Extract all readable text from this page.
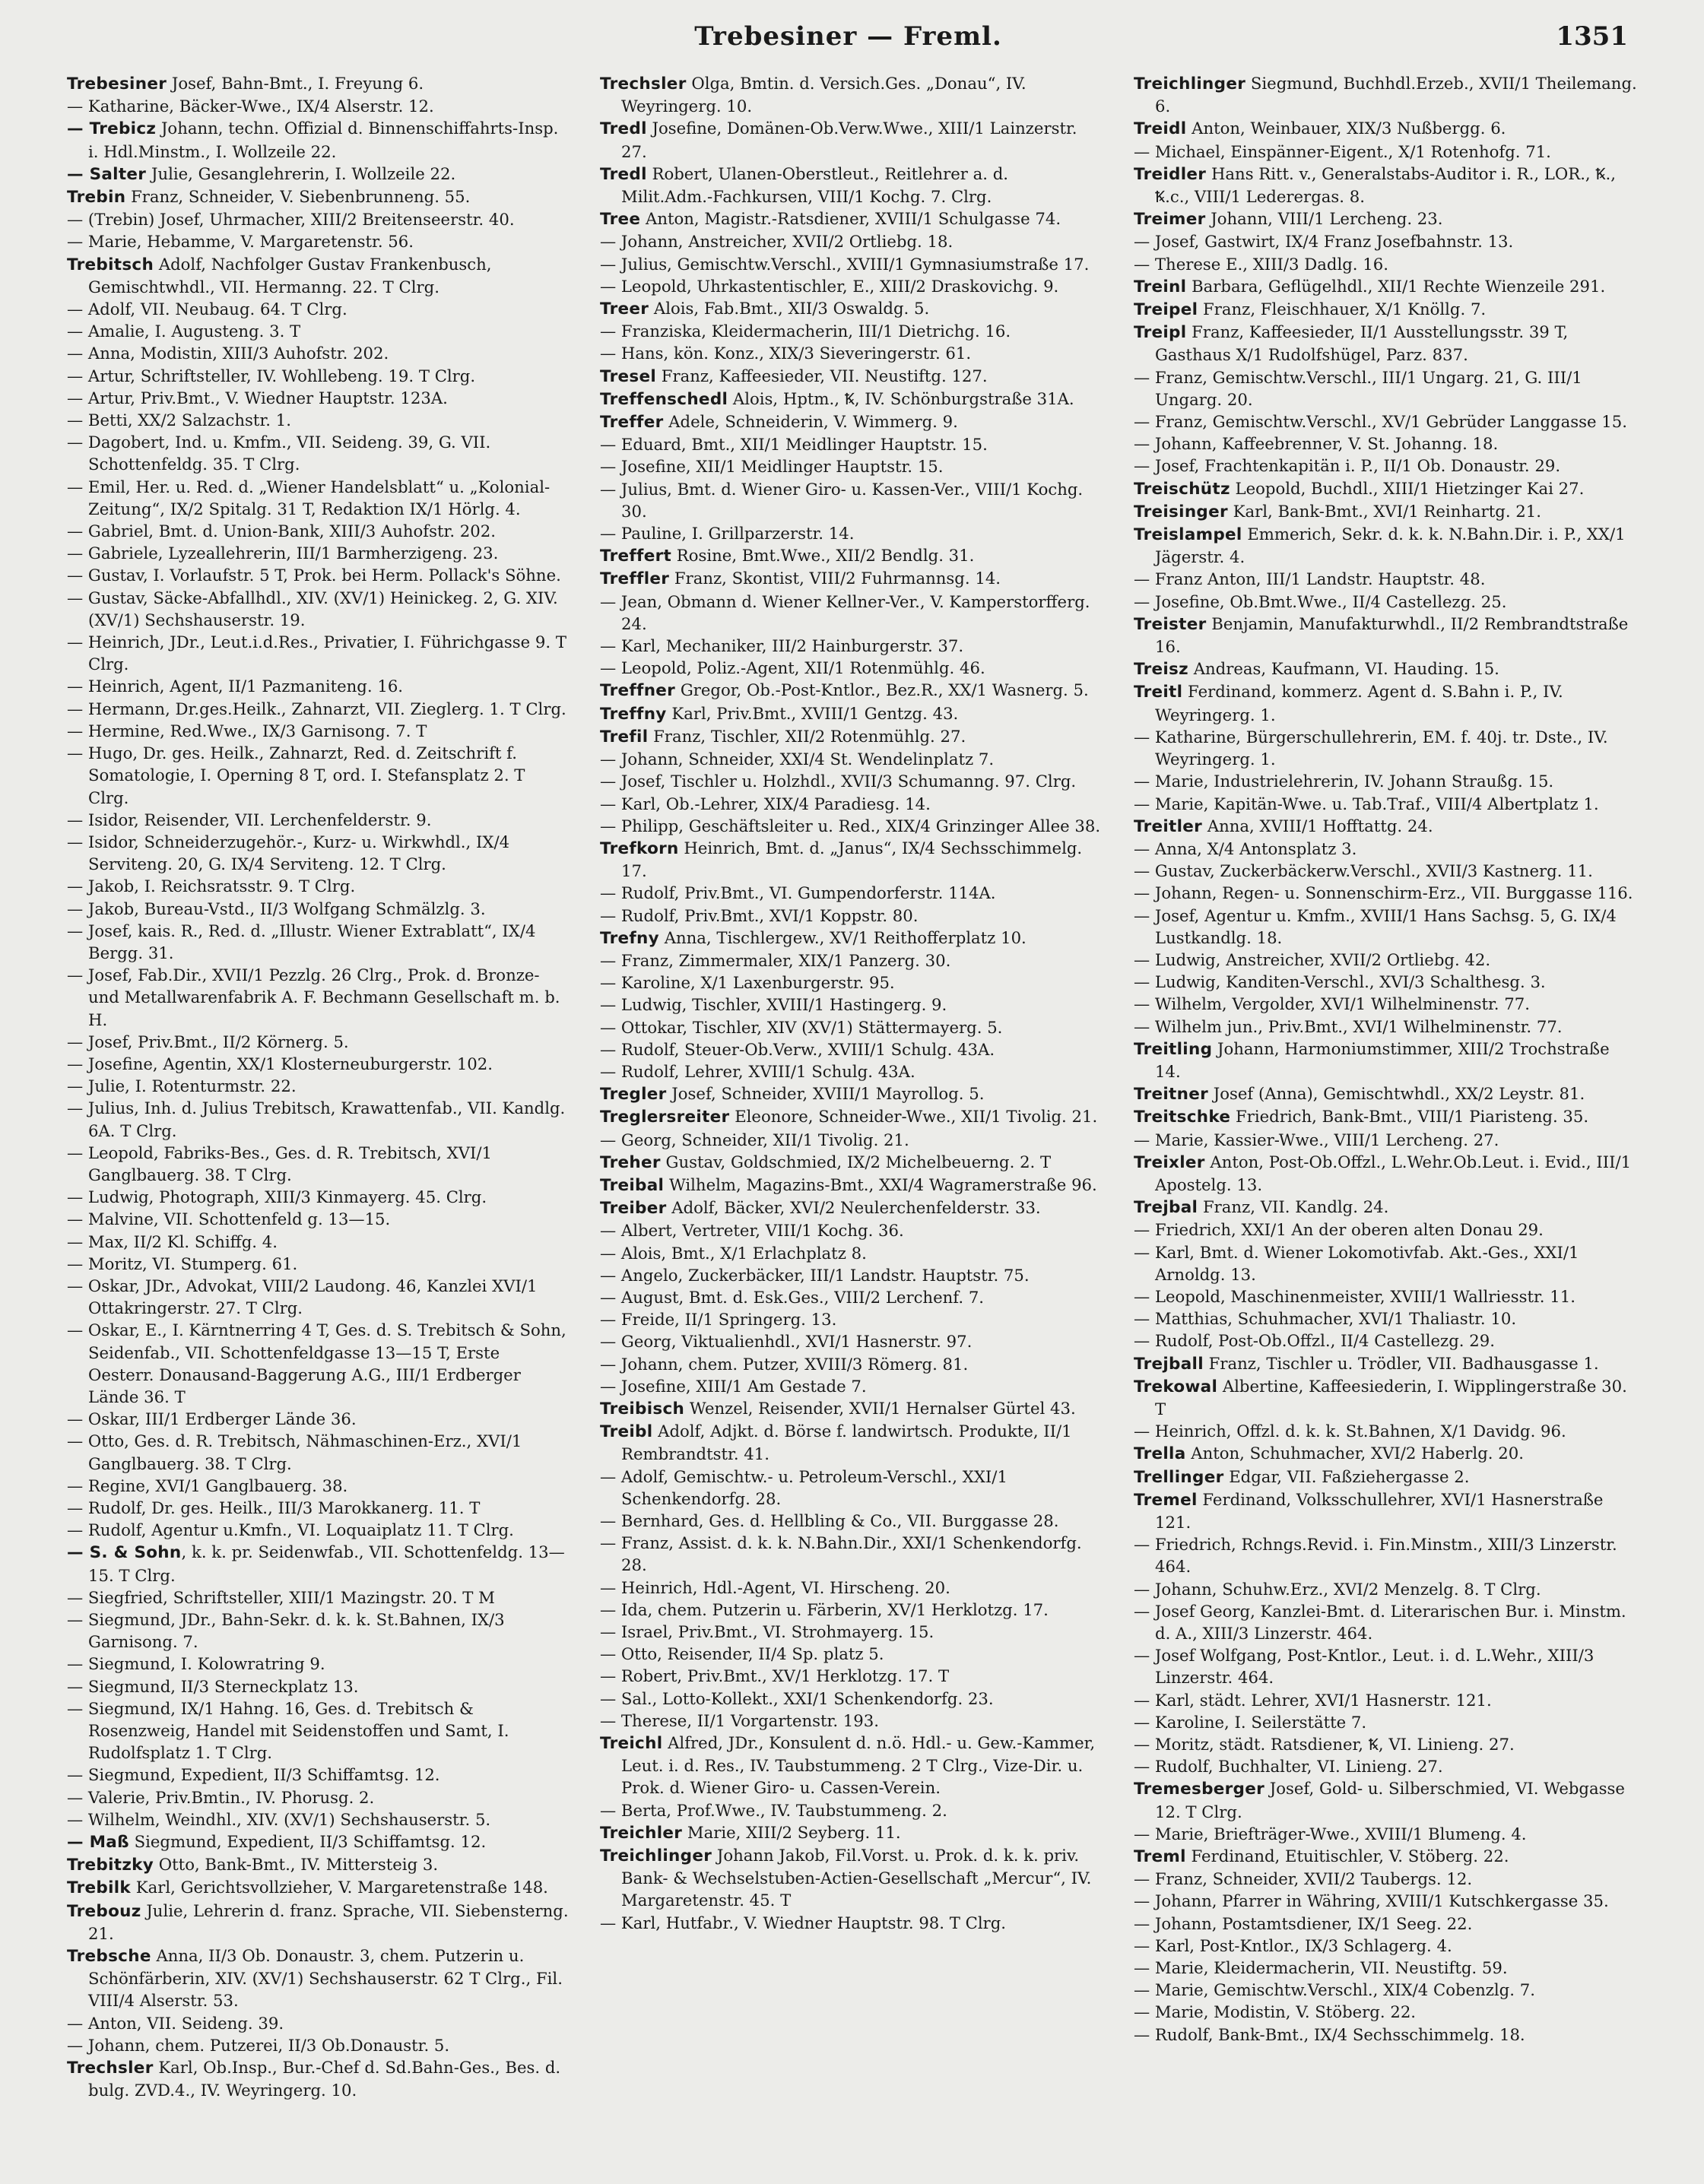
Trebesiner — Freml.	1351
Trebesiner Josef, Bahn-Bmt., I. Freyung 6.
— Katharine, Bäcker-Wwe., IX/4 Alserstr. 12.
— Trebicz Johann, techn. Offizial d. Binnenschiffahrts-Insp. i. Hdl.Minstm., I. Wollzeile 22.
— Salter Julie, Gesanglehrerin, I. Wollzeile 22.
Trebin Franz, Schneider, V. Siebenbrunneng. 55.
— (Trebin) Josef, Uhrmacher, XIII/2 Breitenseerstr. 40.
— Marie, Hebamme, V. Margaretenstr. 56.
Trebitsch Adolf, Nachfolger Gustav Frankenbusch, Gemischtwhdl., VII. Hermanng. 22. T Clrg.
— Adolf, VII. Neubaug. 64. T Clrg.
— Amalie, I. Augusteng. 3. T
— Anna, Modistin, XIII/3 Auhofstr. 202.
— Artur, Schriftsteller, IV. Wohllebeng. 19. T Clrg.
— Artur, Priv.Bmt., V. Wiedner Hauptstr. 123A.
— Betti, XX/2 Salzachstr. 1.
— Dagobert, Ind. u. Kmfm., VII. Seideng. 39, G. VII. Schottenfeldg. 35. T Clrg.
— Emil, Her. u. Red. d. „Wiener Handelsblatt“ u. „Kolonial-Zeitung“, IX/2 Spitalg. 31 T, Redaktion IX/1 Hörlg. 4.
— Gabriel, Bmt. d. Union-Bank, XIII/3 Auhofstr. 202.
— Gabriele, Lyzeallehrerin, III/1 Barmherzigeng. 23.
— Gustav, I. Vorlaufstr. 5 T, Prok. bei Herm. Pollack's Söhne.
— Gustav, Säcke-Abfallhdl., XIV. (XV/1) Heinickeg. 2, G. XIV. (XV/1) Sechshauserstr. 19.
— Heinrich, JDr., Leut.i.d.Res., Privatier, I. Führichgasse 9. T Clrg.
— Heinrich, Agent, II/1 Pazmaniteng. 16.
— Hermann, Dr.ges.Heilk., Zahnarzt, VII. Zieglerg. 1. T Clrg.
— Hermine, Red.Wwe., IX/3 Garnisong. 7. T
— Hugo, Dr. ges. Heilk., Zahnarzt, Red. d. Zeitschrift f. Somatologie, I. Operning 8 T, ord. I. Stefansplatz 2. T Clrg.
— Isidor, Reisender, VII. Lerchenfelderstr. 9.
— Isidor, Schneiderzugehör.-, Kurz- u. Wirkwhdl., IX/4 Serviteng. 20, G. IX/4 Serviteng. 12. T Clrg.
— Jakob, I. Reichsratsstr. 9. T Clrg.
— Jakob, Bureau-Vstd., II/3 Wolfgang Schmälzlg. 3.
— Josef, kais. R., Red. d. „Illustr. Wiener Extrablatt“, IX/4 Bergg. 31.
— Josef, Fab.Dir., XVII/1 Pezzlg. 26 Clrg., Prok. d. Bronze- und Metallwarenfabrik A. F. Bechmann Gesellschaft m. b. H.
— Josef, Priv.Bmt., II/2 Körnerg. 5.
— Josefine, Agentin, XX/1 Klosterneuburgerstr. 102.
— Julie, I. Rotenturmstr. 22.
— Julius, Inh. d. Julius Trebitsch, Krawattenfab., VII. Kandlg. 6A. T Clrg.
— Leopold, Fabriks-Bes., Ges. d. R. Trebitsch, XVI/1 Ganglbauerg. 38. T Clrg.
— Ludwig, Photograph, XIII/3 Kinmayerg. 45. Clrg.
— Malvine, VII. Schottenfeld g. 13—15.
— Max, II/2 Kl. Schiffg. 4.
— Moritz, VI. Stumperg. 61.
— Oskar, JDr., Advokat, VIII/2 Laudong. 46, Kanzlei XVI/1 Ottakringerstr. 27. T Clrg.
— Oskar, E., I. Kärntnerring 4 T, Ges. d. S. Trebitsch & Sohn, Seidenfab., VII. Schottenfeldgasse 13—15 T, Erste Oesterr. Donausand-Baggerung A.G., III/1 Erdberger Lände 36. T
— Oskar, III/1 Erdberger Lände 36.
— Otto, Ges. d. R. Trebitsch, Nähmaschinen-Erz., XVI/1 Ganglbauerg. 38. T Clrg.
— Regine, XVI/1 Ganglbauerg. 38.
— Rudolf, Dr. ges. Heilk., III/3 Marokkanerg. 11. T
— Rudolf, Agentur u.Kmfn., VI. Loquaiplatz 11. T Clrg.
— S. & Sohn, k. k. pr. Seidenwfab., VII. Schottenfeldg. 13—15. T Clrg.
— Siegfried, Schriftsteller, XIII/1 Mazingstr. 20. T M
— Siegmund, JDr., Bahn-Sekr. d. k. k. St.Bahnen, IX/3 Garnisong. 7.
— Siegmund, I. Kolowratring 9.
— Siegmund, II/3 Sterneckplatz 13.
— Siegmund, IX/1 Hahng. 16, Ges. d. Trebitsch & Rosenzweig, Handel mit Seidenstoffen und Samt, I. Rudolfsplatz 1. T Clrg.
— Siegmund, Expedient, II/3 Schiffamtsg. 12.
— Valerie, Priv.Bmtin., IV. Phorusg. 2.
— Wilhelm, Weindhl., XIV. (XV/1) Sechshauserstr. 5.
— Maß Siegmund, Expedient, II/3 Schiffamtsg. 12.
Trebitzky Otto, Bank-Bmt., IV. Mittersteig 3.
Trebilk Karl, Gerichtsvollzieher, V. Margaretenstraße 148.
Trebouz Julie, Lehrerin d. franz. Sprache, VII. Siebensterng. 21.
Trebsche Anna, II/3 Ob. Donaustr. 3, chem. Putzerin u. Schönfärberin, XIV. (XV/1) Sechshauserstr. 62 T Clrg., Fil. VIII/4 Alserstr. 53.
— Anton, VII. Seideng. 39.
— Johann, chem. Putzerei, II/3 Ob.Donaustr. 5.
Trechsler Karl, Ob.Insp., Bur.-Chef d. Sd.Bahn-Ges., Bes. d. bulg. ZVD.4., IV. Weyringerg. 10.
Trechsler Olga, Bmtin. d. Versich.Ges. „Donau“, IV. Weyringerg. 10.
Tredl Josefine, Domänen-Ob.Verw.Wwe., XIII/1 Lainzerstr. 27.
Tredl Robert, Ulanen-Oberstleut., Reitlehrer a. d. Milit.Adm.-Fachkursen, VIII/1 Kochg. 7. Clrg.
Tree Anton, Magistr.-Ratsdiener, XVIII/1 Schulgasse 74.
— Johann, Anstreicher, XVII/2 Ortliebg. 18.
— Julius, Gemischtw.Verschl., XVIII/1 Gymnasiumstraße 17.
— Leopold, Uhrkastentischler, E., XIII/2 Draskovichg. 9.
Treer Alois, Fab.Bmt., XII/3 Oswaldg. 5.
— Franziska, Kleidermacherin, III/1 Dietrichg. 16.
— Hans, kön. Konz., XIX/3 Sieveringerstr. 61.
Tresel Franz, Kaffeesieder, VII. Neustiftg. 127.
Treffenschedl Alois, Hptm., Ꝅ, IV. Schönburgstraße 31A.
Treffer Adele, Schneiderin, V. Wimmerg. 9.
— Eduard, Bmt., XII/1 Meidlinger Hauptstr. 15.
— Josefine, XII/1 Meidlinger Hauptstr. 15.
— Julius, Bmt. d. Wiener Giro- u. Kassen-Ver., VIII/1 Kochg. 30.
— Pauline, I. Grillparzerstr. 14.
Treffert Rosine, Bmt.Wwe., XII/2 Bendlg. 31.
Treffler Franz, Skontist, VIII/2 Fuhrmannsg. 14.
— Jean, Obmann d. Wiener Kellner-Ver., V. Kamperstorfferg. 24.
— Karl, Mechaniker, III/2 Hainburgerstr. 37.
— Leopold, Poliz.-Agent, XII/1 Rotenmühlg. 46.
Treffner Gregor, Ob.-Post-Kntlor., Bez.R., XX/1 Wasnerg. 5.
Treffny Karl, Priv.Bmt., XVIII/1 Gentzg. 43.
Trefil Franz, Tischler, XII/2 Rotenmühlg. 27.
— Johann, Schneider, XXI/4 St. Wendelinplatz 7.
— Josef, Tischler u. Holzhdl., XVII/3 Schumanng. 97. Clrg.
— Karl, Ob.-Lehrer, XIX/4 Paradiesg. 14.
— Philipp, Geschäftsleiter u. Red., XIX/4 Grinzinger Allee 38.
Trefkorn Heinrich, Bmt. d. „Janus“, IX/4 Sechsschimmelg. 17.
— Rudolf, Priv.Bmt., VI. Gumpendorferstr. 114A.
— Rudolf, Priv.Bmt., XVI/1 Koppstr. 80.
Trefny Anna, Tischlergew., XV/1 Reithofferplatz 10.
— Franz, Zimmermaler, XIX/1 Panzerg. 30.
— Karoline, X/1 Laxenburgerstr. 95.
— Ludwig, Tischler, XVIII/1 Hastingerg. 9.
— Ottokar, Tischler, XIV (XV/1) Stättermayerg. 5.
— Rudolf, Steuer-Ob.Verw., XVIII/1 Schulg. 43A.
— Rudolf, Lehrer, XVIII/1 Schulg. 43A.
Tregler Josef, Schneider, XVIII/1 Mayrollog. 5.
Treglersreiter Eleonore, Schneider-Wwe., XII/1 Tivolig. 21.
— Georg, Schneider, XII/1 Tivolig. 21.
Treher Gustav, Goldschmied, IX/2 Michelbeuerng. 2. T
Treibal Wilhelm, Magazins-Bmt., XXI/4 Wagramerstraße 96.
Treiber Adolf, Bäcker, XVI/2 Neulerchenfelderstr. 33.
— Albert, Vertreter, VIII/1 Kochg. 36.
— Alois, Bmt., X/1 Erlachplatz 8.
— Angelo, Zuckerbäcker, III/1 Landstr. Hauptstr. 75.
— August, Bmt. d. Esk.Ges., VIII/2 Lerchenf. 7.
— Freide, II/1 Springerg. 13.
— Georg, Viktualienhdl., XVI/1 Hasnerstr. 97.
— Johann, chem. Putzer, XVIII/3 Römerg. 81.
— Josefine, XIII/1 Am Gestade 7.
Treibisch Wenzel, Reisender, XVII/1 Hernalser Gürtel 43.
Treibl Adolf, Adjkt. d. Börse f. landwirtsch. Produkte, II/1 Rembrandtstr. 41.
— Adolf, Gemischtw.- u. Petroleum-Verschl., XXI/1 Schenkendorfg. 28.
— Bernhard, Ges. d. Hellbling & Co., VII. Burggasse 28.
— Franz, Assist. d. k. k. N.Bahn.Dir., XXI/1 Schenkendorfg. 28.
— Heinrich, Hdl.-Agent, VI. Hirscheng. 20.
— Ida, chem. Putzerin u. Färberin, XV/1 Herklotzg. 17.
— Israel, Priv.Bmt., VI. Strohmayerg. 15.
— Otto, Reisender, II/4 Sp. platz 5.
— Robert, Priv.Bmt., XV/1 Herklotzg. 17. T
— Sal., Lotto-Kollekt., XXI/1 Schenkendorfg. 23.
— Therese, II/1 Vorgartenstr. 193.
Treichl Alfred, JDr., Konsulent d. n.ö. Hdl.- u. Gew.-Kammer, Leut. i. d. Res., IV. Taubstummeng. 2 T Clrg., Vize-Dir. u. Prok. d. Wiener Giro- u. Cassen-Verein.
— Berta, Prof.Wwe., IV. Taubstummeng. 2.
Treichler Marie, XIII/2 Seyberg. 11.
Treichlinger Johann Jakob, Fil.Vorst. u. Prok. d. k. k. priv. Bank- & Wechselstuben-Actien-Gesellschaft „Mercur“, IV. Margaretenstr. 45. T
— Karl, Hutfabr., V. Wiedner Hauptstr. 98. T Clrg.
Treichlinger Siegmund, Buchhdl.Erzeb., XVII/1 Theilemang. 6.
Treidl Anton, Weinbauer, XIX/3 Nußbergg. 6.
— Michael, Einspänner-Eigent., X/1 Rotenhofg. 71.
Treidler Hans Ritt. v., Generalstabs-Auditor i. R., LOR., Ꝅ., Ꝅ.c., VIII/1 Lederergas. 8.
Treimer Johann, VIII/1 Lercheng. 23.
— Josef, Gastwirt, IX/4 Franz Josefbahnstr. 13.
— Therese E., XIII/3 Dadlg. 16.
Treinl Barbara, Geflügelhdl., XII/1 Rechte Wienzeile 291.
Treipel Franz, Fleischhauer, X/1 Knöllg. 7.
Treipl Franz, Kaffeesieder, II/1 Ausstellungsstr. 39 T, Gasthaus X/1 Rudolfshügel, Parz. 837.
— Franz, Gemischtw.Verschl., III/1 Ungarg. 21, G. III/1 Ungarg. 20.
— Franz, Gemischtw.Verschl., XV/1 Gebrüder Langgasse 15.
— Johann, Kaffeebrenner, V. St. Johanng. 18.
— Josef, Frachtenkapitän i. P., II/1 Ob. Donaustr. 29.
Treischütz Leopold, Buchdl., XIII/1 Hietzinger Kai 27.
Treisinger Karl, Bank-Bmt., XVI/1 Reinhartg. 21.
Treislampel Emmerich, Sekr. d. k. k. N.Bahn.Dir. i. P., XX/1 Jägerstr. 4.
— Franz Anton, III/1 Landstr. Hauptstr. 48.
— Josefine, Ob.Bmt.Wwe., II/4 Castellezg. 25.
Treister Benjamin, Manufakturwhdl., II/2 Rembrandtstraße 16.
Treisz Andreas, Kaufmann, VI. Hauding. 15.
Treitl Ferdinand, kommerz. Agent d. S.Bahn i. P., IV. Weyringerg. 1.
— Katharine, Bürgerschullehrerin, EM. f. 40j. tr. Dste., IV. Weyringerg. 1.
— Marie, Industrielehrerin, IV. Johann Straußg. 15.
— Marie, Kapitän-Wwe. u. Tab.Traf., VIII/4 Albertplatz 1.
Treitler Anna, XVIII/1 Hofftattg. 24.
— Anna, X/4 Antonsplatz 3.
— Gustav, Zuckerbäckerw.Verschl., XVII/3 Kastnerg. 11.
— Johann, Regen- u. Sonnenschirm-Erz., VII. Burggasse 116.
— Josef, Agentur u. Kmfm., XVIII/1 Hans Sachsg. 5, G. IX/4 Lustkandlg. 18.
— Ludwig, Anstreicher, XVII/2 Ortliebg. 42.
— Ludwig, Kanditen-Verschl., XVI/3 Schalthesg. 3.
— Wilhelm, Vergolder, XVI/1 Wilhelminenstr. 77.
— Wilhelm jun., Priv.Bmt., XVI/1 Wilhelminenstr. 77.
Treitling Johann, Harmoniumstimmer, XIII/2 Trochstraße 14.
Treitner Josef (Anna), Gemischtwhdl., XX/2 Leystr. 81.
Treitschke Friedrich, Bank-Bmt., VIII/1 Piaristeng. 35.
— Marie, Kassier-Wwe., VIII/1 Lercheng. 27.
Treixler Anton, Post-Ob.Offzl., L.Wehr.Ob.Leut. i. Evid., III/1 Apostelg. 13.
Trejbal Franz, VII. Kandlg. 24.
— Friedrich, XXI/1 An der oberen alten Donau 29.
— Karl, Bmt. d. Wiener Lokomotivfab. Akt.-Ges., XXI/1 Arnoldg. 13.
— Leopold, Maschinenmeister, XVIII/1 Wallriesstr. 11.
— Matthias, Schuhmacher, XVI/1 Thaliastr. 10.
— Rudolf, Post-Ob.Offzl., II/4 Castellezg. 29.
Trejball Franz, Tischler u. Trödler, VII. Badhausgasse 1.
Trekowal Albertine, Kaffeesiederin, I. Wipplingerstraße 30. T
— Heinrich, Offzl. d. k. k. St.Bahnen, X/1 Davidg. 96.
Trella Anton, Schuhmacher, XVI/2 Haberlg. 20.
Trellinger Edgar, VII. Faßziehergasse 2.
Tremel Ferdinand, Volksschullehrer, XVI/1 Hasnerstraße 121.
— Friedrich, Rchngs.Revid. i. Fin.Minstm., XIII/3 Linzerstr. 464.
— Johann, Schuhw.Erz., XVI/2 Menzelg. 8. T Clrg.
— Josef Georg, Kanzlei-Bmt. d. Literarischen Bur. i. Minstm. d. A., XIII/3 Linzerstr. 464.
— Josef Wolfgang, Post-Kntlor., Leut. i. d. L.Wehr., XIII/3 Linzerstr. 464.
— Karl, städt. Lehrer, XVI/1 Hasnerstr. 121.
— Karoline, I. Seilerstätte 7.
— Moritz, städt. Ratsdiener, Ꝅ, VI. Linieng. 27.
— Rudolf, Buchhalter, VI. Linieng. 27.
Tremesberger Josef, Gold- u. Silberschmied, VI. Webgasse 12. T Clrg.
— Marie, Briefträger-Wwe., XVIII/1 Blumeng. 4.
Treml Ferdinand, Etuitischler, V. Stöberg. 22.
— Franz, Schneider, XVII/2 Taubergs. 12.
— Johann, Pfarrer in Währing, XVIII/1 Kutschkergasse 35.
— Johann, Postamtsdiener, IX/1 Seeg. 22.
— Karl, Post-Kntlor., IX/3 Schlagerg. 4.
— Marie, Kleidermacherin, VII. Neustiftg. 59.
— Marie, Gemischtw.Verschl., XIX/4 Cobenzlg. 7.
— Marie, Modistin, V. Stöberg. 22.
— Rudolf, Bank-Bmt., IX/4 Sechsschimmelg. 18.
